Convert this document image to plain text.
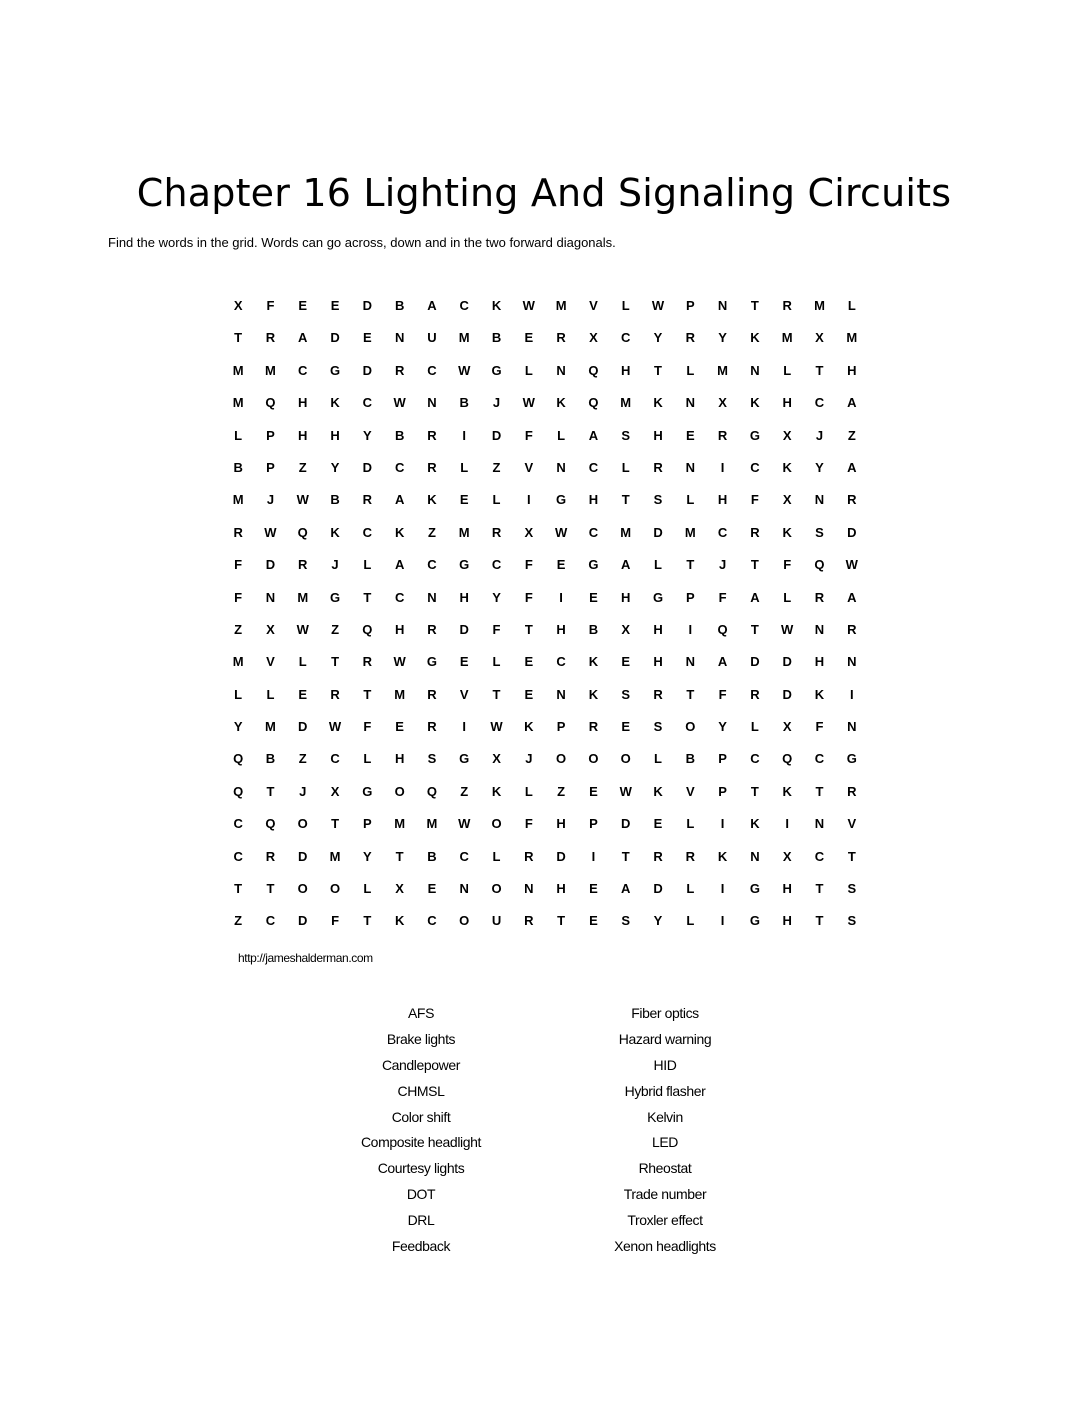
Chapter 16 Lighting And Signaling Circuits
Find the words in the grid. Words can go across, down and in the two forward diagonals.
X	F	E	E	D	B	A	C	K	W	M	V	L	W	P	N	T	R	M	L
T	R	A	D	E	N	U	M	B	E	R	X	C	Y	R	Y	K	M	X	M
M	M	C	G	D	R	C	W	G	L	N	Q	H	T	L	M	N	L	T	H
M	Q	H	K	C	W	N	B	J	W	K	Q	M	K	N	X	K	H	C	A
L	P	H	H	Y	B	R	I	D	F	L	A	S	H	E	R	G	X	J	Z
B	P	Z	Y	D	C	R	L	Z	V	N	C	L	R	N	I	C	K	Y	A
M	J	W	B	R	A	K	E	L	I	G	H	T	S	L	H	F	X	N	R
R	W	Q	K	C	K	Z	M	R	X	W	C	M	D	M	C	R	K	S	D
F	D	R	J	L	A	C	G	C	F	E	G	A	L	T	J	T	F	Q	W
F	N	M	G	T	C	N	H	Y	F	I	E	H	G	P	F	A	L	R	A
Z	X	W	Z	Q	H	R	D	F	T	H	B	X	H	I	Q	T	W	N	R
M	V	L	T	R	W	G	E	L	E	C	K	E	H	N	A	D	D	H	N
L	L	E	R	T	M	R	V	T	E	N	K	S	R	T	F	R	D	K	I
Y	M	D	W	F	E	R	I	W	K	P	R	E	S	O	Y	L	X	F	N
Q	B	Z	C	L	H	S	G	X	J	O	O	O	L	B	P	C	Q	C	G
Q	T	J	X	G	O	Q	Z	K	L	Z	E	W	K	V	P	T	K	T	R
C	Q	O	T	P	M	M	W	O	F	H	P	D	E	L	I	K	I	N	V
C	R	D	M	Y	T	B	C	L	R	D	I	T	R	R	K	N	X	C	T
T	T	O	O	L	X	E	N	O	N	H	E	A	D	L	I	G	H	T	S
Z	C	D	F	T	K	C	O	U	R	T	E	S	Y	L	I	G	H	T	S
http://jameshalderman.com
AFS
Brake lights
Candlepower
CHMSL
Color shift
Composite headlight
Courtesy lights
DOT
DRL
Feedback
Fiber optics
Hazard warning
HID
Hybrid flasher
Kelvin
LED
Rheostat
Trade number
Troxler effect
Xenon headlights
